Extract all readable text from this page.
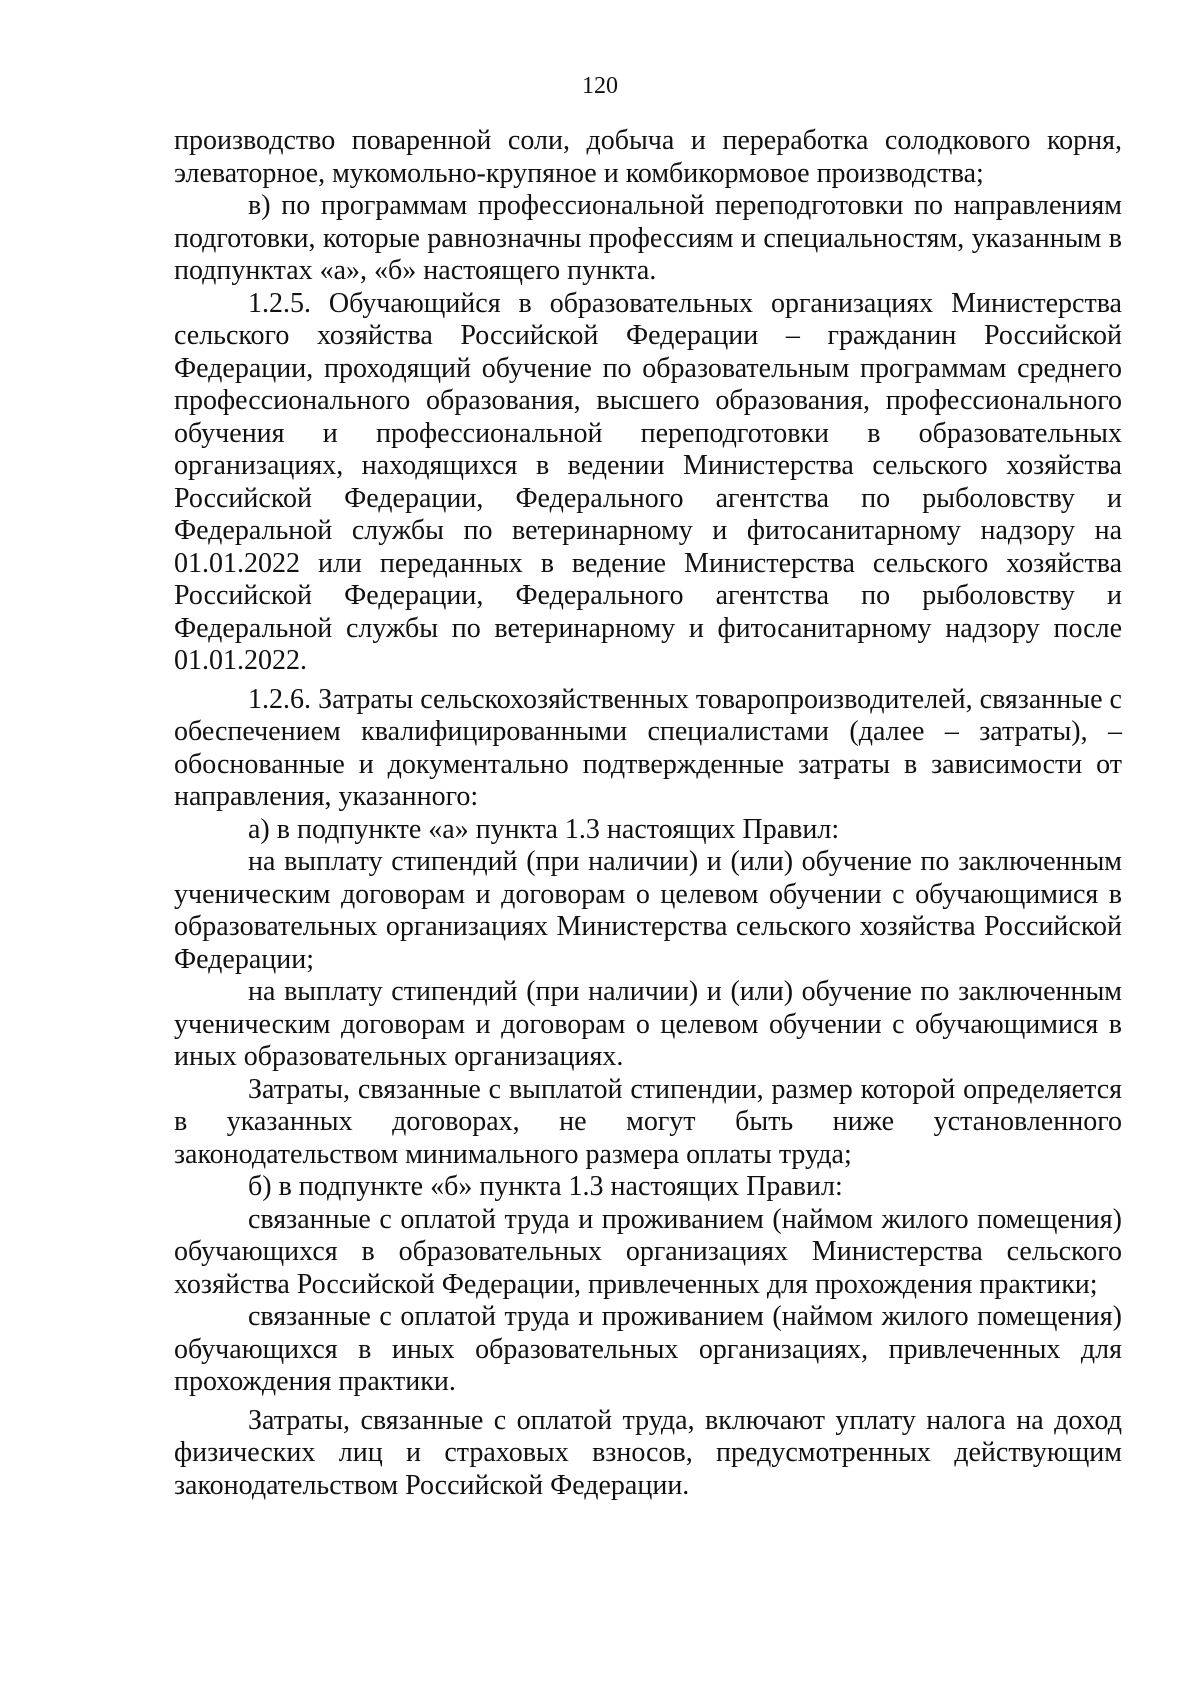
120

производство поваренной соли, добыча и переработка солодкового корня, элеваторное, мукомольно-крупяное и комбикормовое производства;

в) по программам профессиональной переподготовки по направлениям подготовки, которые равнозначны профессиям и специальностям, указанным в подпунктах «а», «б» настоящего пункта.

1.2.5. Обучающийся в образовательных организациях Министерства сельского хозяйства Российской Федерации – гражданин Российской Федерации, проходящий обучение по образовательным программам среднего профессионального образования, высшего образования, профессионального обучения и профессиональной переподготовки в образовательных организациях, находящихся в ведении Министерства сельского хозяйства Российской Федерации, Федерального агентства по рыболовству и Федеральной службы по ветеринарному и фитосанитарному надзору на 01.01.2022 или переданных в ведение Министерства сельского хозяйства Российской Федерации, Федерального агентства по рыболовству и Федеральной службы по ветеринарному и фитосанитарному надзору после 01.01.2022.

1.2.6. Затраты сельскохозяйственных товаропроизводителей, связанные с обеспечением квалифицированными специалистами (далее – затраты), – обоснованные и документально подтвержденные затраты в зависимости от направления, указанного:

а) в подпункте «а» пункта 1.3 настоящих Правил:

на выплату стипендий (при наличии) и (или) обучение по заключенным ученическим договорам и договорам о целевом обучении с обучающимися в образовательных организациях Министерства сельского хозяйства Российской Федерации;

на выплату стипендий (при наличии) и (или) обучение по заключенным ученическим договорам и договорам о целевом обучении с обучающимися в иных образовательных организациях.

Затраты, связанные с выплатой стипендии, размер которой определяется в указанных договорах, не могут быть ниже установленного законодательством минимального размера оплаты труда;

б) в подпункте «б» пункта 1.3 настоящих Правил:

связанные с оплатой труда и проживанием (наймом жилого помещения) обучающихся в образовательных организациях Министерства сельского хозяйства Российской Федерации, привлеченных для прохождения практики;

связанные с оплатой труда и проживанием (наймом жилого помещения) обучающихся в иных образовательных организациях, привлеченных для прохождения практики.

Затраты, связанные с оплатой труда, включают уплату налога на доход физических лиц и страховых взносов, предусмотренных действующим законодательством Российской Федерации.
